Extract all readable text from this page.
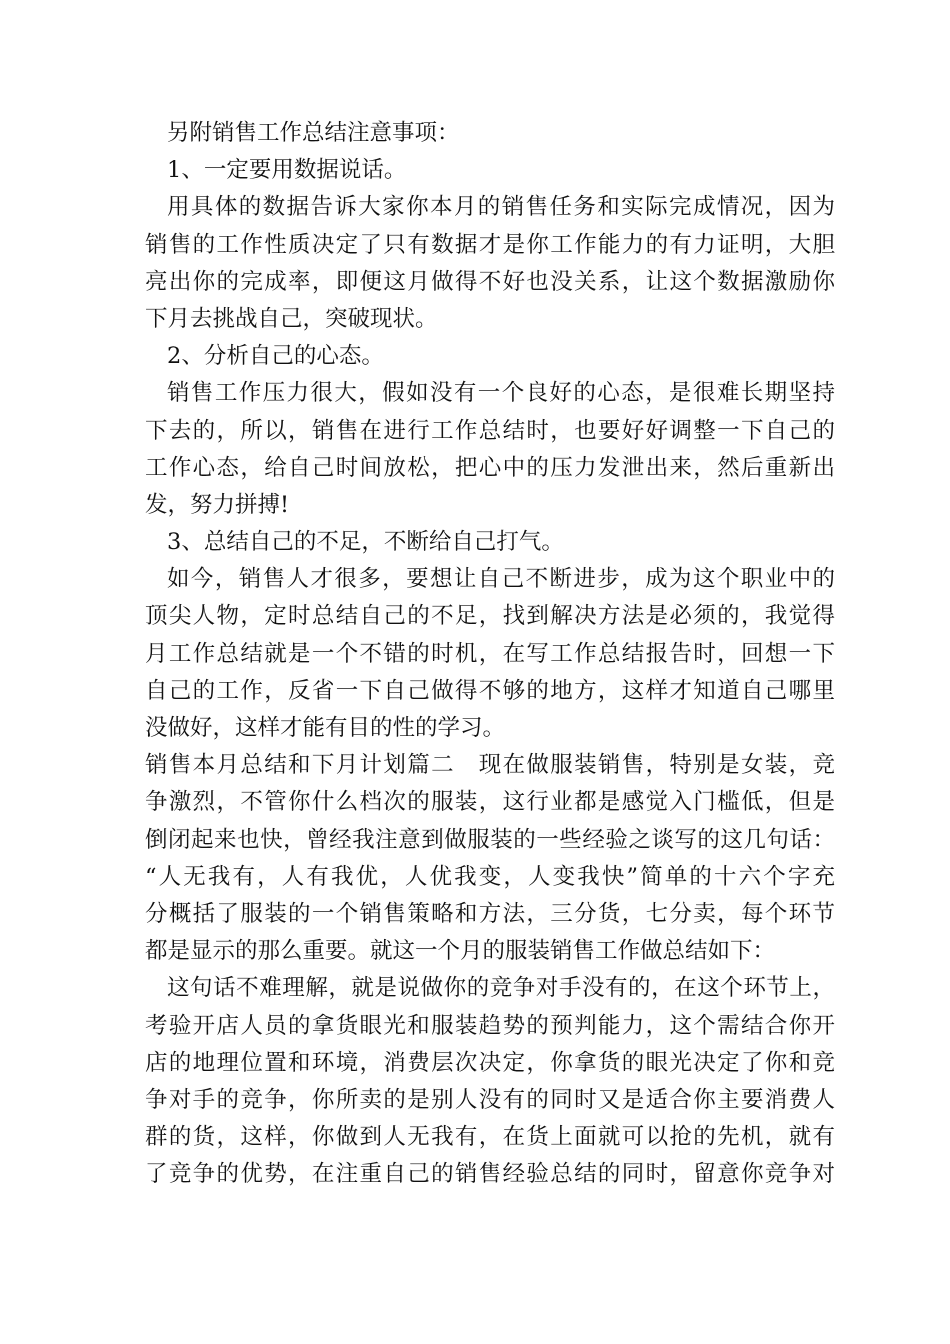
另附销售工作总结注意事项：
1、一定要用数据说话。
用具体的数据告诉大家你本月的销售任务和实际完成情况，因为
销售的工作性质决定了只有数据才是你工作能力的有力证明，大胆
亮出你的完成率，即便这月做得不好也没关系，让这个数据激励你
下月去挑战自己，突破现状。
2、分析自己的心态。
销售工作压力很大，假如没有一个良好的心态，是很难长期坚持
下去的，所以，销售在进行工作总结时，也要好好调整一下自己的
工作心态，给自己时间放松，把心中的压力发泄出来，然后重新出
发，努力拼搏!
3、总结自己的不足，不断给自己打气。
如今，销售人才很多，要想让自己不断进步，成为这个职业中的
顶尖人物，定时总结自己的不足，找到解决方法是必须的，我觉得
月工作总结就是一个不错的时机，在写工作总结报告时，回想一下
自己的工作，反省一下自己做得不够的地方，这样才知道自己哪里
没做好，这样才能有目的性的学习。
销售本月总结和下月计划篇二　现在做服装销售，特别是女装，竞
争激烈，不管你什么档次的服装，这行业都是感觉入门槛低，但是
倒闭起来也快，曾经我注意到做服装的一些经验之谈写的这几句话：
“人无我有，人有我优，人优我变，人变我快”简单的十六个字充
分概括了服装的一个销售策略和方法，三分货，七分卖，每个环节
都是显示的那么重要。就这一个月的服装销售工作做总结如下：
这句话不难理解，就是说做你的竞争对手没有的，在这个环节上，
考验开店人员的拿货眼光和服装趋势的预判能力，这个需结合你开
店的地理位置和环境，消费层次决定，你拿货的眼光决定了你和竞
争对手的竞争，你所卖的是别人没有的同时又是适合你主要消费人
群的货，这样，你做到人无我有，在货上面就可以抢的先机，就有
了竞争的优势，在注重自己的销售经验总结的同时，留意你竞争对
